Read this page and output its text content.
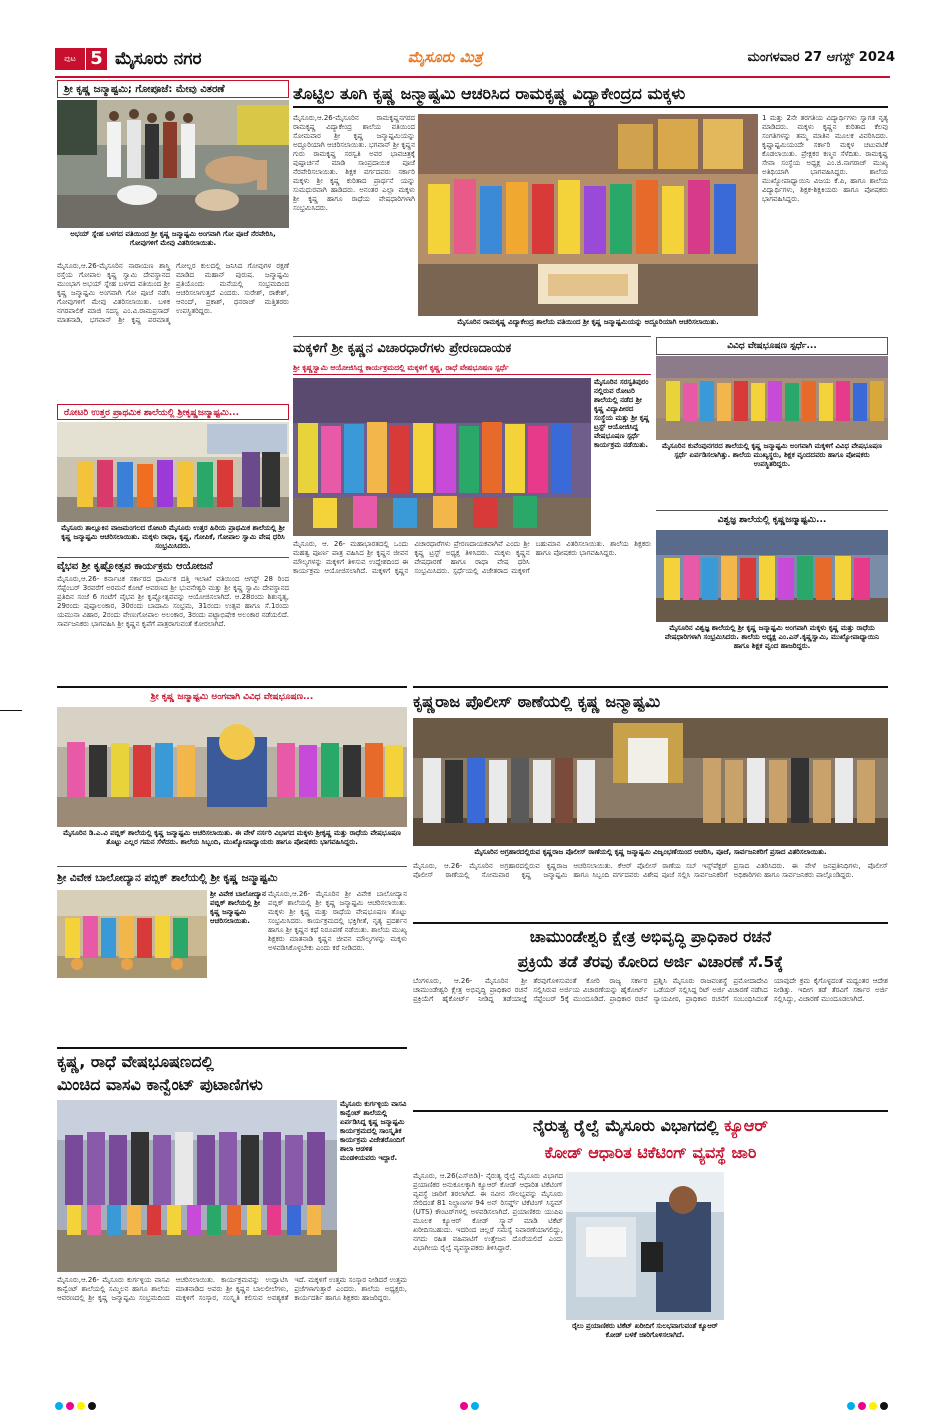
ಪುಟ 5 ಮೈಸೂರು ನಗರ	ಮೈಸೂರು ಮಿತ್ರ	ಮಂಗಳವಾರ 27 ಆಗಸ್ಟ್ 2024
ಶ್ರೀ ಕೃಷ್ಣ ಜನ್ಮಾಷ್ಟಮಿ; ಗೋಪೂಜೆ: ಮೇವು ವಿತರಣೆ
ಅಭಯ್ ಸ್ನೇಹ ಬಳಗದ ವತಿಯಿಂದ ಶ್ರೀ ಕೃಷ್ಣ ಜನ್ಮಾಷ್ಟಮಿ ಅಂಗವಾಗಿ ಗೋ ಪೂಜೆ ನೆರವೇರಿಸಿ, ಗೋವುಗಳಿಗೆ ಮೇವು ವಿತರಿಸಲಾಯಿತು.
ಮೈಸೂರು,ಆ.26-ಮೈಸೂರಿನ ನಾರಾಯಣ ಶಾಸ್ತ್ರಿ ರಸ್ತೆಯ ಗೋಪಾಲ ಕೃಷ್ಣ ಸ್ವಾಮಿ ದೇವಸ್ಥಾನದ ಮುಂಭಾಗ ಅಭಯ್ ಸ್ನೇಹ ಬಳಗದ ವತಿಯಿಂದ ಶ್ರೀ ಕೃಷ್ಣ ಜನ್ಮಾಷ್ಟಮಿ ಅಂಗವಾಗಿ ಗೋ ಪೂಜೆ ನಡೆಸಿ ಗೋವುಗಳಿಗೆ ಮೇವು ವಿತರಿಸಲಾಯಿತು. ಬಳಿಕ ನಗರಪಾಲಿಕೆ ಮಾಜಿ ಸದಸ್ಯ ಎಂ.ವಿ.ರಾಮಪ್ರಸಾದ್ ಮಾತನಾಡಿ, ಭಗವಾನ್ ಶ್ರೀ ಕೃಷ್ಣ ಪರಮಾತ್ಮ ಗೋಲ್ಲರ ಕುಲದಲ್ಲಿ ಜನಿಸಿದ ಗೋವುಗಳ ರಕ್ಷಣೆ ಮಾಡಿದ ಮಹಾನ್ ಪುರುಷ. ಜನ್ಮಾಷ್ಟಮಿ ಪ್ರತಿಯೊಂದು ಮನೆಯಲ್ಲಿ ಸಂಭ್ರಮದಿಂದ ಆಚರಿಸಲಾಗುತ್ತದೆ ಎಂದರು. ಸುರೇಶ್, ರಾಕೇಶ್, ಆನಂದ್, ಪ್ರಕಾಶ್, ಧನರಾಜ್ ಮತ್ತಿತರರು ಉಪಸ್ಥಿತರಿದ್ದರು.
ರೋಟರಿ ಉತ್ತರ ಪ್ರಾಥಮಿಕ ಶಾಲೆಯಲ್ಲಿ ಶ್ರೀಕೃಷ್ಣಜನ್ಮಾಷ್ಟಮಿ...
ಮೈಸೂರು ತಾಲ್ಲೂಕಿನ ವಾಜಮಂಗಲದ ರೋಟರಿ ಮೈಸೂರು ಉತ್ತರ ಹಿರಿಯ ಪ್ರಾಥಮಿಕ ಶಾಲೆಯಲ್ಲಿ ಶ್ರೀ ಕೃಷ್ಣ ಜನ್ಮಾಷ್ಟಮಿ ಆಚರಿಸಲಾಯಿತು. ಮಕ್ಕಳು ರಾಧಾ, ಕೃಷ್ಣ, ಗೋಪಿಕೆ, ಗೋಪಾಲ ಸ್ವಾಮಿ ವೇಷ ಧರಿಸಿ ಸಂಭ್ರಮಿಸಿದರು.
ವೈಭವ ಶ್ರೀ ಕೃಷ್ಣೋತ್ಸವ ಕಾರ್ಯಕ್ರಮ ಆಯೋಜನೆ
ಮೈಸೂರು,ಆ.26- ಕರ್ನಾಟಕ ಸರ್ಕಾರದ ಧಾರ್ಮಿಕ ದತ್ತಿ ಇಲಾಖೆ ವತಿಯಿಂದ ಆಗಸ್ಟ್ 28 ರಿಂದ ಸೆಪ್ಟೆಂಬರ್ 3ರವರೆಗೆ ಅರಮನೆ ಕೋಟೆ ಆವರಣದ ಶ್ರೀ ಭುವನೇಶ್ವರಿ ಮತ್ತು ಶ್ರೀ ಕೃಷ್ಣ ಸ್ವಾಮಿ ದೇವಸ್ಥಾನದ ಪ್ರತಿದಿನ ಸಂಜೆ 6 ಗಂಟೆಗೆ ವೈಭವ ಶ್ರೀ ಕೃಷ್ಣೋತ್ಸವವನ್ನು ಆಯೋಜಿಸಲಾಗಿದೆ. ಆ.28ರಂದು ಶಿಶುನೃತ್ಯ, 29ರಂದು ಪುಷ್ಪಾಲಂಕಾರ, 30ರಂದು ಬಾದಾಮಿ ಸಂಭ್ರಮ, 31ರಂದು ಉತ್ಸವ ಹಾಗೂ ಸೆ.1ರಂದು ಯಮುನಾ ವಿಹಾರ, 2ರಂದು ವೇಣುಗೋಪಾಲ ಅಲಂಕಾರ, 3ರಂದು ಪಟ್ಟಾಭಿಷೇಕ ಅಲಂಕಾರ ನಡೆಯಲಿದೆ. ಸಾರ್ವಜನಿಕರು ಭಾಗವಹಿಸಿ ಶ್ರೀ ಕೃಷ್ಣನ ಕೃಪೆಗೆ ಪಾತ್ರರಾಗುವಂತೆ ಕೋರಲಾಗಿದೆ.
ತೊಟ್ಟಿಲ ತೂಗಿ ಕೃಷ್ಣ ಜನ್ಮಾಷ್ಟಮಿ ಆಚರಿಸಿದ ರಾಮಕೃಷ್ಣ ವಿದ್ಯಾಕೇಂದ್ರದ ಮಕ್ಕಳು
ಮೈಸೂರು,ಆ.26-ಮೈಸೂರಿನ ರಾಮಕೃಷ್ಣನಗರದ ರಾಮಕೃಷ್ಣ ವಿದ್ಯಾಕೇಂದ್ರ ಶಾಲೆಯ ವತಿಯಿಂದ ಸೋಮವಾರ ಶ್ರೀ ಕೃಷ್ಣ ಜನ್ಮಾಷ್ಟಮಿಯನ್ನು ಅದ್ದೂರಿಯಾಗಿ ಆಚರಿಸಲಾಯಿತು. ಭಗವಾನ್ ಶ್ರೀ ಕೃಷ್ಣನ ಗುರು ರಾಮಕೃಷ್ಣ ಸರಸ್ವತಿ ಅವರ ಭಾವಚಿತ್ರಕ್ಕೆ ಪುಷ್ಪಾರ್ಚನೆ ಮಾಡಿ ಸಾಂಪ್ರದಾಯಿಕ ಪೂಜೆ ನೆರವೇರಿಸಲಾಯಿತು. ಶಿಕ್ಷಕ ವರ್ಗದವರು ಸರ್ಕಾರಿ ಮಕ್ಕಳು ಶ್ರೀ ಕೃಷ್ಣ ಕುರಿತಾದ ಪ್ರಾರ್ಥನೆ ಯನ್ನು ಸುಮಧುರವಾಗಿ ಹಾಡಿದರು. ಅನಂತರ ಎಲ್ಲಾ ಮಕ್ಕಳು ಶ್ರೀ ಕೃಷ್ಣ ಹಾಗೂ ರಾಧೆಯ ವೇಷಧಾರಿಗಳಾಗಿ ಸಂಭ್ರಮಿಸಿದರು.
1 ಮತ್ತು 2ನೇ ತರಗತಿಯ ವಿದ್ಯಾರ್ಥಿಗಳು ಸ್ವಾಗತ ನೃತ್ಯ ಮಾಡಿದರು. ಮಕ್ಕಳು ಕೃಷ್ಣನ ಕುರಿತಾದ ಕೆಲವು ಸಂಗತಿಗಳನ್ನು ತಮ್ಮ ಮಾತಿನ ಮೂಲಕ ವಿವರಿಸಿದರು. ಕೃಷ್ಣಾಷ್ಟಮಿಯಂದೇ ಸರ್ಕಾರಿ ಮಕ್ಕಳ ಚಟುವಟಿಕೆ ಕೊಡಲಾಯಿತು. ಪ್ರೇಕ್ಷಕರ ಕಣ್ಮನ ಸೆಳೆದಿತು. ರಾಮಕೃಷ್ಣ ಸೇವಾ ಸಂಸ್ಥೆಯ ಅಧ್ಯಕ್ಷ ಎಂ.ಜಿ.ನಾಗರಾಜ್ ಮುಖ್ಯ ಅತಿಥಿಯಾಗಿ ಭಾಗವಹಿಸಿದ್ದರು. ಶಾಲೆಯ ಮುಖ್ಯೋಪಾಧ್ಯಾಯಿನಿ ವಿಜಯ ಕೆ.ಪಿ, ಹಾಗೂ ಶಾಲೆಯ ವಿದ್ಯಾರ್ಥಿಗಳು, ಶಿಕ್ಷಕ-ಶಿಕ್ಷಕಿಯರು ಹಾಗೂ ಪೋಷಕರು ಭಾಗವಹಿಸಿದ್ದರು.
ಮೈಸೂರಿನ ರಾಮಕೃಷ್ಣ ವಿದ್ಯಾಕೇಂದ್ರ ಶಾಲೆಯ ವತಿಯಿಂದ ಶ್ರೀ ಕೃಷ್ಣ ಜನ್ಮಾಷ್ಟಮಿಯನ್ನು ಅದ್ದೂರಿಯಾಗಿ ಆಚರಿಸಲಾಯಿತು.
ಮಕ್ಕಳಿಗೆ ಶ್ರೀ ಕೃಷ್ಣನ ವಿಚಾರಧಾರೆಗಳು ಪ್ರೇರಣದಾಯಕ
ಶ್ರೀ ಕೃಷ್ಣಸ್ವಾಮಿ ಆಯೋಜಿಸಿದ್ದ ಕಾರ್ಯಕ್ರಮದಲ್ಲಿ ಮಕ್ಕಳಿಗೆ ಕೃಷ್ಣ, ರಾಧೆ ವೇಷಭೂಷಣ ಸ್ಪರ್ಧೆ
ಮೈಸೂರಿನ ಸರಸ್ವತಿಪುರಂ ನಲ್ಲಿರುವ ರೋಟರಿ ಶಾಲೆಯಲ್ಲಿ ನಡೆದ ಶ್ರೀ ಕೃಷ್ಣ ವಿದ್ಯಾಪೀಠದ ಸಂಸ್ಥೆಯ ಮತ್ತು ಶ್ರೀ ಕೃಷ್ಣ ಟ್ರಸ್ಟ್ ಆಯೋಜಿಸಿದ್ದ ವೇಷಭೂಷಣ ಸ್ಪರ್ಧೆ ಕಾರ್ಯಕ್ರಮ ನಡೆಯಿತು.
ಮೈಸೂರು, ಆ. 26- ಮಹಾಭಾರತದಲ್ಲಿ ಒಂದು ಮಹತ್ವ ಪೂರ್ಣ ಪಾತ್ರ ವಹಿಸಿದ ಶ್ರೀ ಕೃಷ್ಣನ ಜೀವನ ಮೌಲ್ಯಗಳನ್ನು ಮಕ್ಕಳಿಗೆ ತಿಳಿಸುವ ಉದ್ದೇಶದಿಂದ ಈ ಕಾರ್ಯಕ್ರಮ ಆಯೋಜಿಸಲಾಗಿದೆ. ಮಕ್ಕಳಿಗೆ ಕೃಷ್ಣನ ವಿಚಾರಧಾರೆಗಳು ಪ್ರೇರಣದಾಯಕವಾಗಿವೆ ಎಂದು ಶ್ರೀ ಕೃಷ್ಣ ಟ್ರಸ್ಟ್ ಅಧ್ಯಕ್ಷ ತಿಳಿಸಿದರು. ಮಕ್ಕಳು ಕೃಷ್ಣನ ವೇಷಧಾರಣೆ ಹಾಗೂ ರಾಧಾ ವೇಷ ಧರಿಸಿ ಸಂಭ್ರಮಿಸಿದರು. ಸ್ಪರ್ಧೆಯಲ್ಲಿ ವಿಜೇತರಾದ ಮಕ್ಕಳಿಗೆ ಬಹುಮಾನ ವಿತರಿಸಲಾಯಿತು. ಶಾಲೆಯ ಶಿಕ್ಷಕರು ಹಾಗೂ ಪೋಷಕರು ಭಾಗವಹಿಸಿದ್ದರು.
ವಿವಿಧ ವೇಷಭೂಷಣ ಸ್ಪರ್ಧೆ...
ಮೈಸೂರಿನ ಕುವೆಂಪುನಗರದ ಶಾಲೆಯಲ್ಲಿ ಕೃಷ್ಣ ಜನ್ಮಾಷ್ಟಮಿ ಅಂಗವಾಗಿ ಮಕ್ಕಳಿಗೆ ವಿವಿಧ ವೇಷಭೂಷಣ ಸ್ಪರ್ಧೆ ಏರ್ಪಡಿಸಲಾಗಿತ್ತು. ಶಾಲೆಯ ಮುಖ್ಯಸ್ಥರು, ಶಿಕ್ಷಕ ವೃಂದದವರು ಹಾಗೂ ಪೋಷಕರು ಉಪಸ್ಥಿತರಿದ್ದರು.
ವಿಶ್ವಜ್ಞ ಶಾಲೆಯಲ್ಲಿ ಕೃಷ್ಣಜನ್ಮಾಷ್ಟಮಿ...
ಮೈಸೂರಿನ ವಿಶ್ವಜ್ಞ ಶಾಲೆಯಲ್ಲಿ ಶ್ರೀ ಕೃಷ್ಣ ಜನ್ಮಾಷ್ಟಮಿ ಅಂಗವಾಗಿ ಮಕ್ಕಳು ಕೃಷ್ಣ ಮತ್ತು ರಾಧೆಯ ವೇಷಧಾರಿಗಳಾಗಿ ಸಂಭ್ರಮಿಸಿದರು. ಶಾಲೆಯ ಅಧ್ಯಕ್ಷ ಎಂ.ಎನ್.ಕೃಷ್ಣಸ್ವಾಮಿ, ಮುಖ್ಯೋಪಾಧ್ಯಾಯಿನಿ ಹಾಗೂ ಶಿಕ್ಷಕ ವೃಂದ ಹಾಜರಿದ್ದರು.
ಶ್ರೀ ಕೃಷ್ಣ ಜನ್ಮಾಷ್ಟಮಿ ಅಂಗವಾಗಿ ವಿವಿಧ ವೇಷಭೂಷಣ...
ಮೈಸೂರಿನ ಡಿ.ಎ.ವಿ ಪಬ್ಲಿಕ್ ಶಾಲೆಯಲ್ಲಿ ಕೃಷ್ಣ ಜನ್ಮಾಷ್ಟಮಿ ಆಚರಿಸಲಾಯಿತು. ಈ ವೇಳೆ ನರ್ಸರಿ ವಿಭಾಗದ ಮಕ್ಕಳು ಶ್ರೀಕೃಷ್ಣ ಮತ್ತು ರಾಧೆಯ ವೇಷಭೂಷಣ ತೊಟ್ಟು ಎಲ್ಲರ ಗಮನ ಸೆಳೆದರು. ಶಾಲೆಯ ಸಿಬ್ಬಂದಿ, ಮುಖ್ಯೋಪಾಧ್ಯಾಯರು ಹಾಗೂ ಪೋಷಕರು ಭಾಗವಹಿಸಿದ್ದರು.
ಶ್ರೀ ವಿವೇಕ ಬಾಲೋದ್ಯಾನ ಪಬ್ಲಿಕ್ ಶಾಲೆಯಲ್ಲಿ ಶ್ರೀ ಕೃಷ್ಣ ಜನ್ಮಾಷ್ಟಮಿ
ಶ್ರೀ ವಿವೇಕ ಬಾಲೋದ್ಯಾನ ಪಬ್ಲಿಕ್ ಶಾಲೆಯಲ್ಲಿ ಶ್ರೀ ಕೃಷ್ಣ ಜನ್ಮಾಷ್ಟಮಿ ಆಚರಿಸಲಾಯಿತು.
ಮೈಸೂರು,ಆ.26- ಮೈಸೂರಿನ ಶ್ರೀ ವಿವೇಕ ಬಾಲೋದ್ಯಾನ ಪಬ್ಲಿಕ್ ಶಾಲೆಯಲ್ಲಿ ಶ್ರೀ ಕೃಷ್ಣ ಜನ್ಮಾಷ್ಟಮಿ ಆಚರಿಸಲಾಯಿತು. ಮಕ್ಕಳು ಶ್ರೀ ಕೃಷ್ಣ ಮತ್ತು ರಾಧೆಯ ವೇಷಭೂಷಣ ತೊಟ್ಟು ಸಂಭ್ರಮಿಸಿದರು. ಕಾರ್ಯಕ್ರಮದಲ್ಲಿ ಭಕ್ತಿಗೀತೆ, ನೃತ್ಯ ಪ್ರದರ್ಶನ ಹಾಗೂ ಶ್ರೀ ಕೃಷ್ಣನ ಕಥೆ ನಿರೂಪಣೆ ನಡೆಯಿತು. ಶಾಲೆಯ ಮುಖ್ಯ ಶಿಕ್ಷಕರು ಮಾತನಾಡಿ ಕೃಷ್ಣನ ಜೀವನ ಮೌಲ್ಯಗಳನ್ನು ಮಕ್ಕಳು ಅಳವಡಿಸಿಕೊಳ್ಳಬೇಕು ಎಂದು ಕರೆ ನೀಡಿದರು.
ಕೃಷ್ಣ, ರಾಧೆ ವೇಷಭೂಷಣದಲ್ಲಿ
ಮಿಂಚಿದ ವಾಸವಿ ಕಾನ್ವೆಂಟ್ ಪುಟಾಣಿಗಳು
ಮೈಸೂರು ಕುರ್ಗಳ್ಳಿಯ ವಾಸವಿ ಕಾನ್ವೆಂಟ್ ಶಾಲೆಯಲ್ಲಿ ಏರ್ಪಡಿಸಿದ್ದ ಕೃಷ್ಣ ಜನ್ಮಾಷ್ಟಮಿ ಕಾರ್ಯಕ್ರಮದಲ್ಲಿ ಸಾಂಸ್ಕೃತಿಕ ಕಾರ್ಯಕ್ರಮ ವಿಜೇತರೊಂದಿಗೆ ಶಾಲಾ ಆಡಳಿತ ಮಂಡಳಿಯವರು ಇದ್ದಾರೆ.
ಮೈಸೂರು,ಆ.26- ಮೈಸೂರು ಕುರ್ಗಳ್ಳಿಯ ವಾಸವಿ ಕಾನ್ವೆಂಟ್ ಶಾಲೆಯಲ್ಲಿ ಸಮ್ಮಿಲನ ಹಾಗೂ ಶಾಲೆಯ ಆವರಣದಲ್ಲಿ ಶ್ರೀ ಕೃಷ್ಣ ಜನ್ಮಾಷ್ಟಮಿ ಸಂಭ್ರಮದಿಂದ ಆಚರಿಸಲಾಯಿತು. ಕಾರ್ಯಕ್ರಮವನ್ನು ಉದ್ಘಾಟಿಸಿ ಮಾತನಾಡಿದ ಅವರು ಶ್ರೀ ಕೃಷ್ಣನ ಬಾಲಲೀಲೆಗಳು, ಮಕ್ಕಳಿಗೆ ಸಂಸ್ಕಾರ, ಸಂಸ್ಕೃತಿ ಕಲಿಸುವ ಅವಶ್ಯಕತೆ ಇದೆ. ಮಕ್ಕಳಿಗೆ ಉತ್ತಮ ಸಂಸ್ಕಾರ ನೀಡಿದರೆ ಉತ್ತಮ ಪ್ರಜೆಗಳಾಗುತ್ತಾರೆ ಎಂದರು. ಶಾಲೆಯ ಅಧ್ಯಕ್ಷರು, ಕಾರ್ಯದರ್ಶಿ ಹಾಗೂ ಶಿಕ್ಷಕರು ಹಾಜರಿದ್ದರು.
ಕೃಷ್ಣರಾಜ ಪೊಲೀಸ್ ಠಾಣೆಯಲ್ಲಿ ಕೃಷ್ಣ ಜನ್ಮಾಷ್ಟಮಿ
ಮೈಸೂರಿನ ಅಗ್ರಹಾರದಲ್ಲಿರುವ ಕೃಷ್ಣರಾಜ ಪೊಲೀಸ್ ಠಾಣೆಯಲ್ಲಿ ಕೃಷ್ಣ ಜನ್ಮಾಷ್ಟಮಿ ವಿಜೃಂಭಣೆಯಿಂದ ಆಚರಿಸಿ, ಪೂಜೆ, ಸಾರ್ವಜನಿಕರಿಗೆ ಪ್ರಸಾದ ವಿತರಿಸಲಾಯಿತು.
ಮೈಸೂರು, ಆ.26- ಮೈಸೂರಿನ ಅಗ್ರಹಾರದಲ್ಲಿರುವ ಕೃಷ್ಣರಾಜ ಪೊಲೀಸ್ ಠಾಣೆಯಲ್ಲಿ ಸೋಮವಾರ ಕೃಷ್ಣ ಜನ್ಮಾಷ್ಟಮಿ ಆಚರಿಸಲಾಯಿತು. ಕೆಆರ್ ಪೊಲೀಸ್ ಠಾಣೆಯ ಸಬ್ ಇನ್ಸ್‌ಪೆಕ್ಟರ್ ಹಾಗೂ ಸಿಬ್ಬಂದಿ ವರ್ಗದವರು ವಿಶೇಷ ಪೂಜೆ ಸಲ್ಲಿಸಿ ಸಾರ್ವಜನಿಕರಿಗೆ ಪ್ರಸಾದ ವಿತರಿಸಿದರು. ಈ ವೇಳೆ ಜನಪ್ರತಿನಿಧಿಗಳು, ಪೊಲೀಸ್ ಅಧಿಕಾರಿಗಳು ಹಾಗೂ ಸಾರ್ವಜನಿಕರು ಪಾಲ್ಗೊಂಡಿದ್ದರು.
ಚಾಮುಂಡೇಶ್ವರಿ ಕ್ಷೇತ್ರ ಅಭಿವೃದ್ಧಿ ಪ್ರಾಧಿಕಾರ ರಚನೆ
ಪ್ರಕ್ರಿಯೆ ತಡೆ ತೆರವು ಕೋರಿದ ಅರ್ಜಿ ವಿಚಾರಣೆ ಸೆ.5ಕ್ಕೆ
ಬೆಂಗಳೂರು, ಆ.26- ಮೈಸೂರಿನ ಶ್ರೀ ಚಾಮುಂಡೇಶ್ವರಿ ಕ್ಷೇತ್ರ ಅಭಿವೃದ್ಧಿ ಪ್ರಾಧಿಕಾರ ರಚನೆ ಪ್ರಕ್ರಿಯೆಗೆ ಹೈಕೋರ್ಟ್ ನೀಡಿದ್ದ ತಡೆಯಾಜ್ಞೆ ತೆರವುಗೊಳಿಸುವಂತೆ ಕೋರಿ ರಾಜ್ಯ ಸರ್ಕಾರ ಸಲ್ಲಿಸಿರುವ ಅರ್ಜಿಯ ವಿಚಾರಣೆಯನ್ನು ಹೈಕೋರ್ಟ್ ಸೆಪ್ಟೆಂಬರ್ 5ಕ್ಕೆ ಮುಂದೂಡಿದೆ. ಪ್ರಾಧಿಕಾರ ರಚನೆ ಪ್ರಶ್ನಿಸಿ ಮೈಸೂರು ರಾಜವಂಶಸ್ಥೆ ಪ್ರಮೋದಾದೇವಿ ಒಡೆಯರ್ ಸಲ್ಲಿಸಿದ್ದ ರಿಟ್ ಅರ್ಜಿ ವಿಚಾರಣೆ ನಡೆಸಿದ ನ್ಯಾಯಪೀಠ, ಪ್ರಾಧಿಕಾರ ರಚನೆಗೆ ಸಂಬಂಧಿಸಿದಂತೆ ಯಾವುದೇ ಕ್ರಮ ಕೈಗೊಳ್ಳದಂತೆ ಮಧ್ಯಂತರ ಆದೇಶ ನೀಡಿತ್ತು. ಇದೀಗ ತಡೆ ತೆರವಿಗೆ ಸರ್ಕಾರ ಅರ್ಜಿ ಸಲ್ಲಿಸಿದ್ದು, ವಿಚಾರಣೆ ಮುಂದೂಡಲಾಗಿದೆ.
ನೈರುತ್ಯ ರೈಲ್ವೆ ಮೈಸೂರು ವಿಭಾಗದಲ್ಲಿ ಕ್ಯೂಆರ್
ಕೋಡ್ ಆಧಾರಿತ ಟಿಕೆಟಿಂಗ್ ವ್ಯವಸ್ಥೆ ಜಾರಿ
ಮೈಸೂರು, ಆ.26(ಎಸ್‌ಬಿಡಿ)- ನೈರುತ್ಯ ರೈಲ್ವೆ ಮೈಸೂರು ವಿಭಾಗದ ಪ್ರಯಾಣಿಕರ ಅನುಕೂಲಕ್ಕಾಗಿ ಕ್ಯೂಆರ್ ಕೋಡ್ ಆಧಾರಿತ ಟಿಕೆಟಿಂಗ್ ವ್ಯವಸ್ಥೆ ಜಾರಿಗೆ ತರಲಾಗಿದೆ. ಈ ನವೀನ ಸೌಲಭ್ಯವನ್ನು ಮೈಸೂರು ಸೇರಿದಂತೆ 81 ನಿಲ್ದಾಣಗಳ 94 ಅನ್ ರಿಸರ್ವ್ಡ್ ಟಿಕೆಟಿಂಗ್ ಸಿಸ್ಟಮ್ (UTS) ಕೌಂಟರ್‌ಗಳಲ್ಲಿ ಅಳವಡಿಸಲಾಗಿದೆ. ಪ್ರಯಾಣಿಕರು ಯುಪಿಐ ಮೂಲಕ ಕ್ಯೂಆರ್ ಕೋಡ್ ಸ್ಕ್ಯಾನ್ ಮಾಡಿ ಟಿಕೆಟ್ ಖರೀದಿಸಬಹುದು. ಇದರಿಂದ ಚಿಲ್ಲರೆ ಸಮಸ್ಯೆ ನಿವಾರಣೆಯಾಗಲಿದ್ದು, ನಗದು ರಹಿತ ವಹಿವಾಟಿಗೆ ಉತ್ತೇಜನ ದೊರೆಯಲಿದೆ ಎಂದು ವಿಭಾಗೀಯ ರೈಲ್ವೆ ವ್ಯವಸ್ಥಾಪಕರು ತಿಳಿಸಿದ್ದಾರೆ.
ರೈಲು ಪ್ರಯಾಣಿಕರು ಟಿಕೆಟ್ ಖರೀದಿಗೆ ಸುಲಭವಾಗುವಂತೆ ಕ್ಯೂಆರ್ ಕೋಡ್ ಬಳಕೆ ಜಾರಿಗೊಳಿಸಲಾಗಿದೆ.
